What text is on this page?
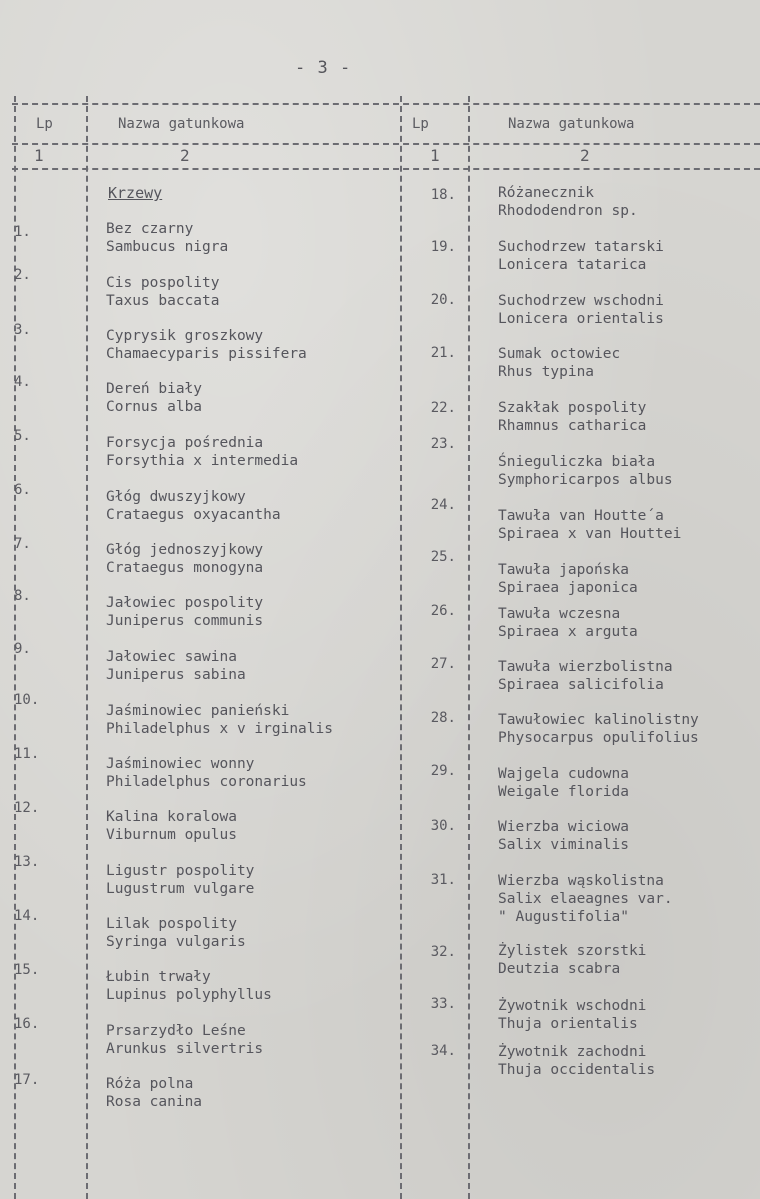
- 3 -
Lp	Nazwa gatunkowa	Lp	Nazwa gatunkowa
1	2	1	2
Krzewy
1.	Bez czarny
Sambucus nigra
2.	Cis pospolity
Taxus baccata
3.	Cyprysik groszkowy
Chamaecyparis pissifera
4.	Dereń biały
Cornus alba
5.	Forsycja pośrednia
Forsythia x intermedia
6.	Głóg dwuszyjkowy
Crataegus oxyacantha
7.	Głóg jednoszyjkowy
Crataegus monogyna
8.	Jałowiec pospolity
Juniperus communis
9.	Jałowiec sawina
Juniperus sabina
10.
Jaśminowiec panieński
Philadelphus x v irginalis
11.
Jaśminowiec wonny
Philadelphus coronarius
12.
Kalina koralowa
Viburnum opulus
13.
Ligustr pospolity
Lugustrum vulgare
14.	Lilak pospolity
Syringa vulgaris
15.	Łubin trwały
Lupinus polyphyllus
16.	Prsarzydło Leśne
Arunkus silvertris
17.	Róża polna
Rosa canina
18.	Różanecznik
Rhododendron sp.
19.	Suchodrzew tatarski
Lonicera tatarica
20.	Suchodrzew wschodni
Lonicera orientalis
21.	Sumak octowiec
Rhus typina
22.	Szakłak pospolity
Rhamnus catharica
23.
Śnieguliczka biała
Symphoricarpos albus
24.
Tawuła van Houtte´a
Spiraea x van Houttei
25.
Tawuła japońska
Spiraea japonica
26.	Tawuła wczesna
Spiraea x arguta
27.	Tawuła wierzbolistna
Spiraea salicifolia
28.	Tawułowiec kalinolistny
Physocarpus opulifolius
29.	Wajgela cudowna
Weigale florida
30.	Wierzba wiciowa
Salix viminalis
31.	Wierzba wąskolistna
Salix elaeagnes var.
" Augustifolia"
32.	Żylistek szorstki
Deutzia scabra
33.	Żywotnik wschodni
Thuja orientalis
34.	Żywotnik zachodni
Thuja occidentalis
